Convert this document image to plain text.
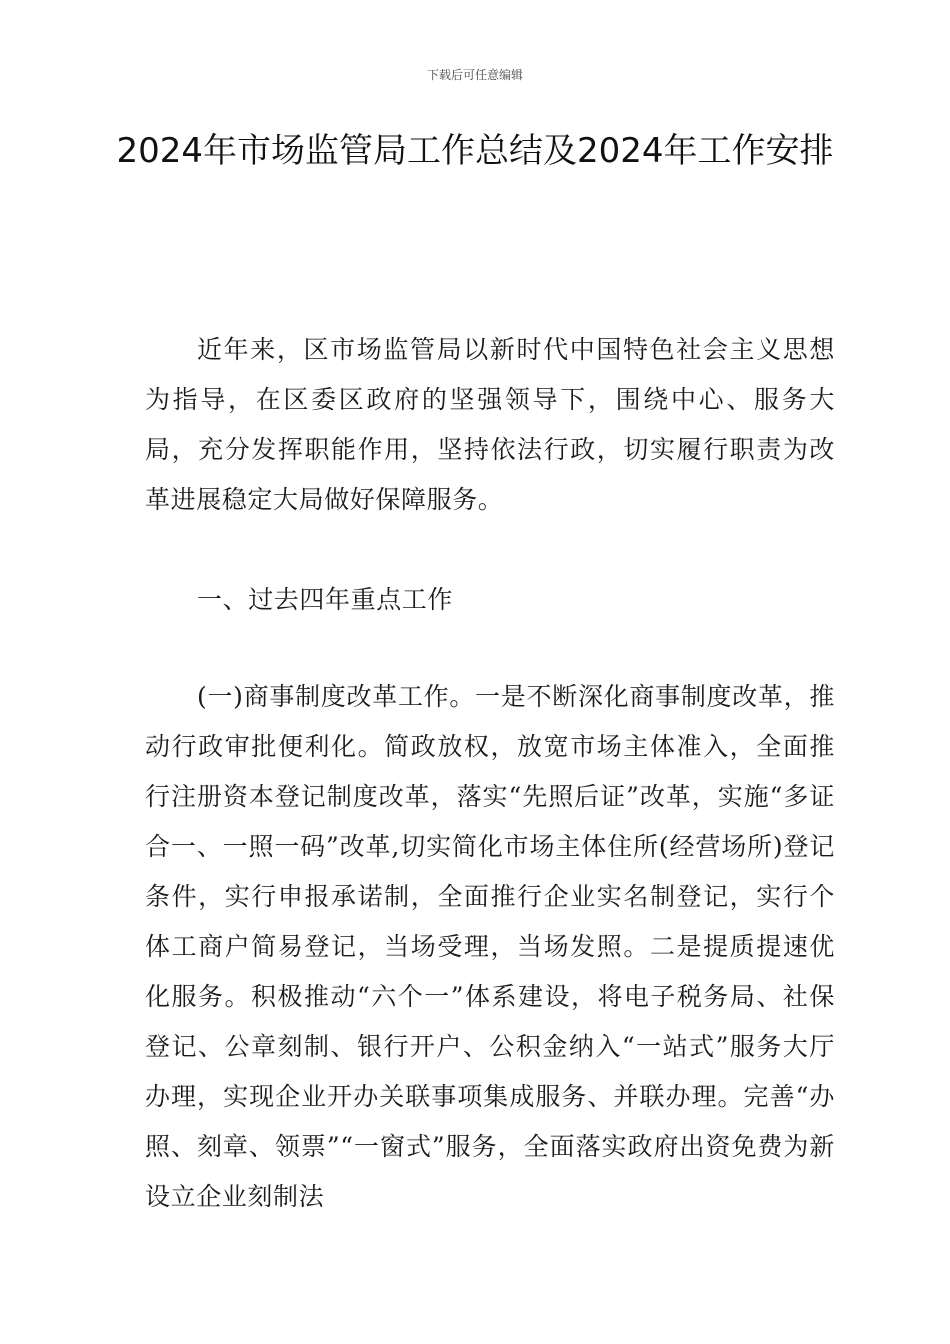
下载后可任意编辑
2024年市场监管局工作总结及2024年工作安排

近年来，区市场监管局以新时代中国特色社会主义思想为指导，在区委区政府的坚强领导下，围绕中心、服务大局，充分发挥职能作用，坚持依法行政，切实履行职责为改革进展稳定大局做好保障服务。

一、过去四年重点工作

(一)商事制度改革工作。一是不断深化商事制度改革，推动行政审批便利化。简政放权，放宽市场主体准入，全面推行注册资本登记制度改革，落实“先照后证”改革，实施“多证合一、一照一码”改革,切实简化市场主体住所(经营场所)登记条件，实行申报承诺制，全面推行企业实名制登记，实行个体工商户简易登记，当场受理，当场发照。二是提质提速优化服务。积极推动“六个一”体系建设，将电子税务局、社保登记、公章刻制、银行开户、公积金纳入“一站式”服务大厅办理，实现企业开办关联事项集成服务、并联办理。完善“办照、刻章、领票”“一窗式”服务，全面落实政府出资免费为新设立企业刻制法
